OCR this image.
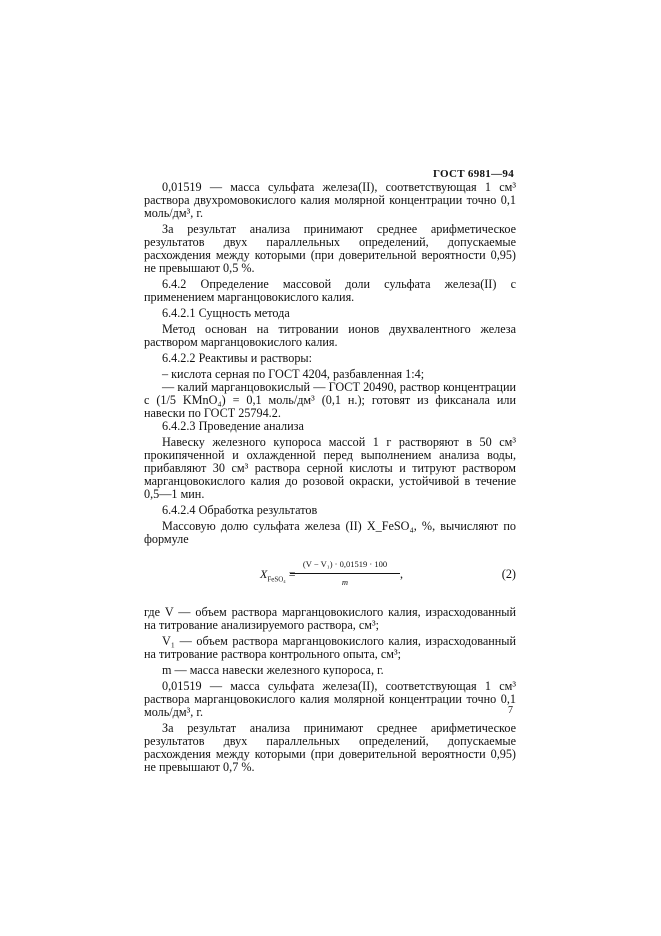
ГОСТ 6981—94

0,01519 — масса сульфата железа(II), соответствующая 1 см³ раствора двухромовокислого калия молярной концентрации точно 0,1 моль/дм³, г.

За результат анализа принимают среднее арифметическое результатов двух параллельных определений, допускаемые расхождения между которыми (при доверительной вероятности 0,95) не превышают 0,5 %.

6.4.2 Определение массовой доли сульфата железа(II) с применением марганцовокислого калия.

6.4.2.1 Сущность метода

Метод основан на титровании ионов двухвалентного железа раствором марганцовокислого калия.

6.4.2.2 Реактивы и растворы:

– кислота серная по ГОСТ 4204, разбавленная 1:4;

— калий марганцовокислый — ГОСТ 20490, раствор концентрации c (1/5 KMnO₄) = 0,1 моль/дм³ (0,1 н.); готовят из фиксанала или навески по ГОСТ 25794.2.

6.4.2.3 Проведение анализа

Навеску железного купороса массой 1 г растворяют в 50 см³ прокипяченной и охлажденной перед выполнением анализа воды, прибавляют 30 см³ раствора серной кислоты и титруют раствором марганцовокислого калия до розовой окраски, устойчивой в течение 0,5—1 мин.

6.4.2.4 Обработка результатов

Массовую долю сульфата железа (II) X_FeSO₄, %, вычисляют по формуле

$X_{FeSO_4}$ =
$\frac{\text{(V − V₁) · 0,01519 · 100}}{m}$ ,	(2)

где V — объем раствора марганцовокислого калия, израсходованный на титрование анализируемого раствора, см³;

V₁ — объем раствора марганцовокислого калия, израсходованный на титрование раствора контрольного опыта, см³;

m — масса навески железного купороса, г.

0,01519 — масса сульфата железа(II), соответствующая 1 см³ раствора марганцовокислого калия молярной концентрации точно 0,1 моль/дм³, г.

За результат анализа принимают среднее арифметическое результатов двух параллельных определений, допускаемые расхождения между которыми (при доверительной вероятности 0,95) не превышают 0,7 %.

7
